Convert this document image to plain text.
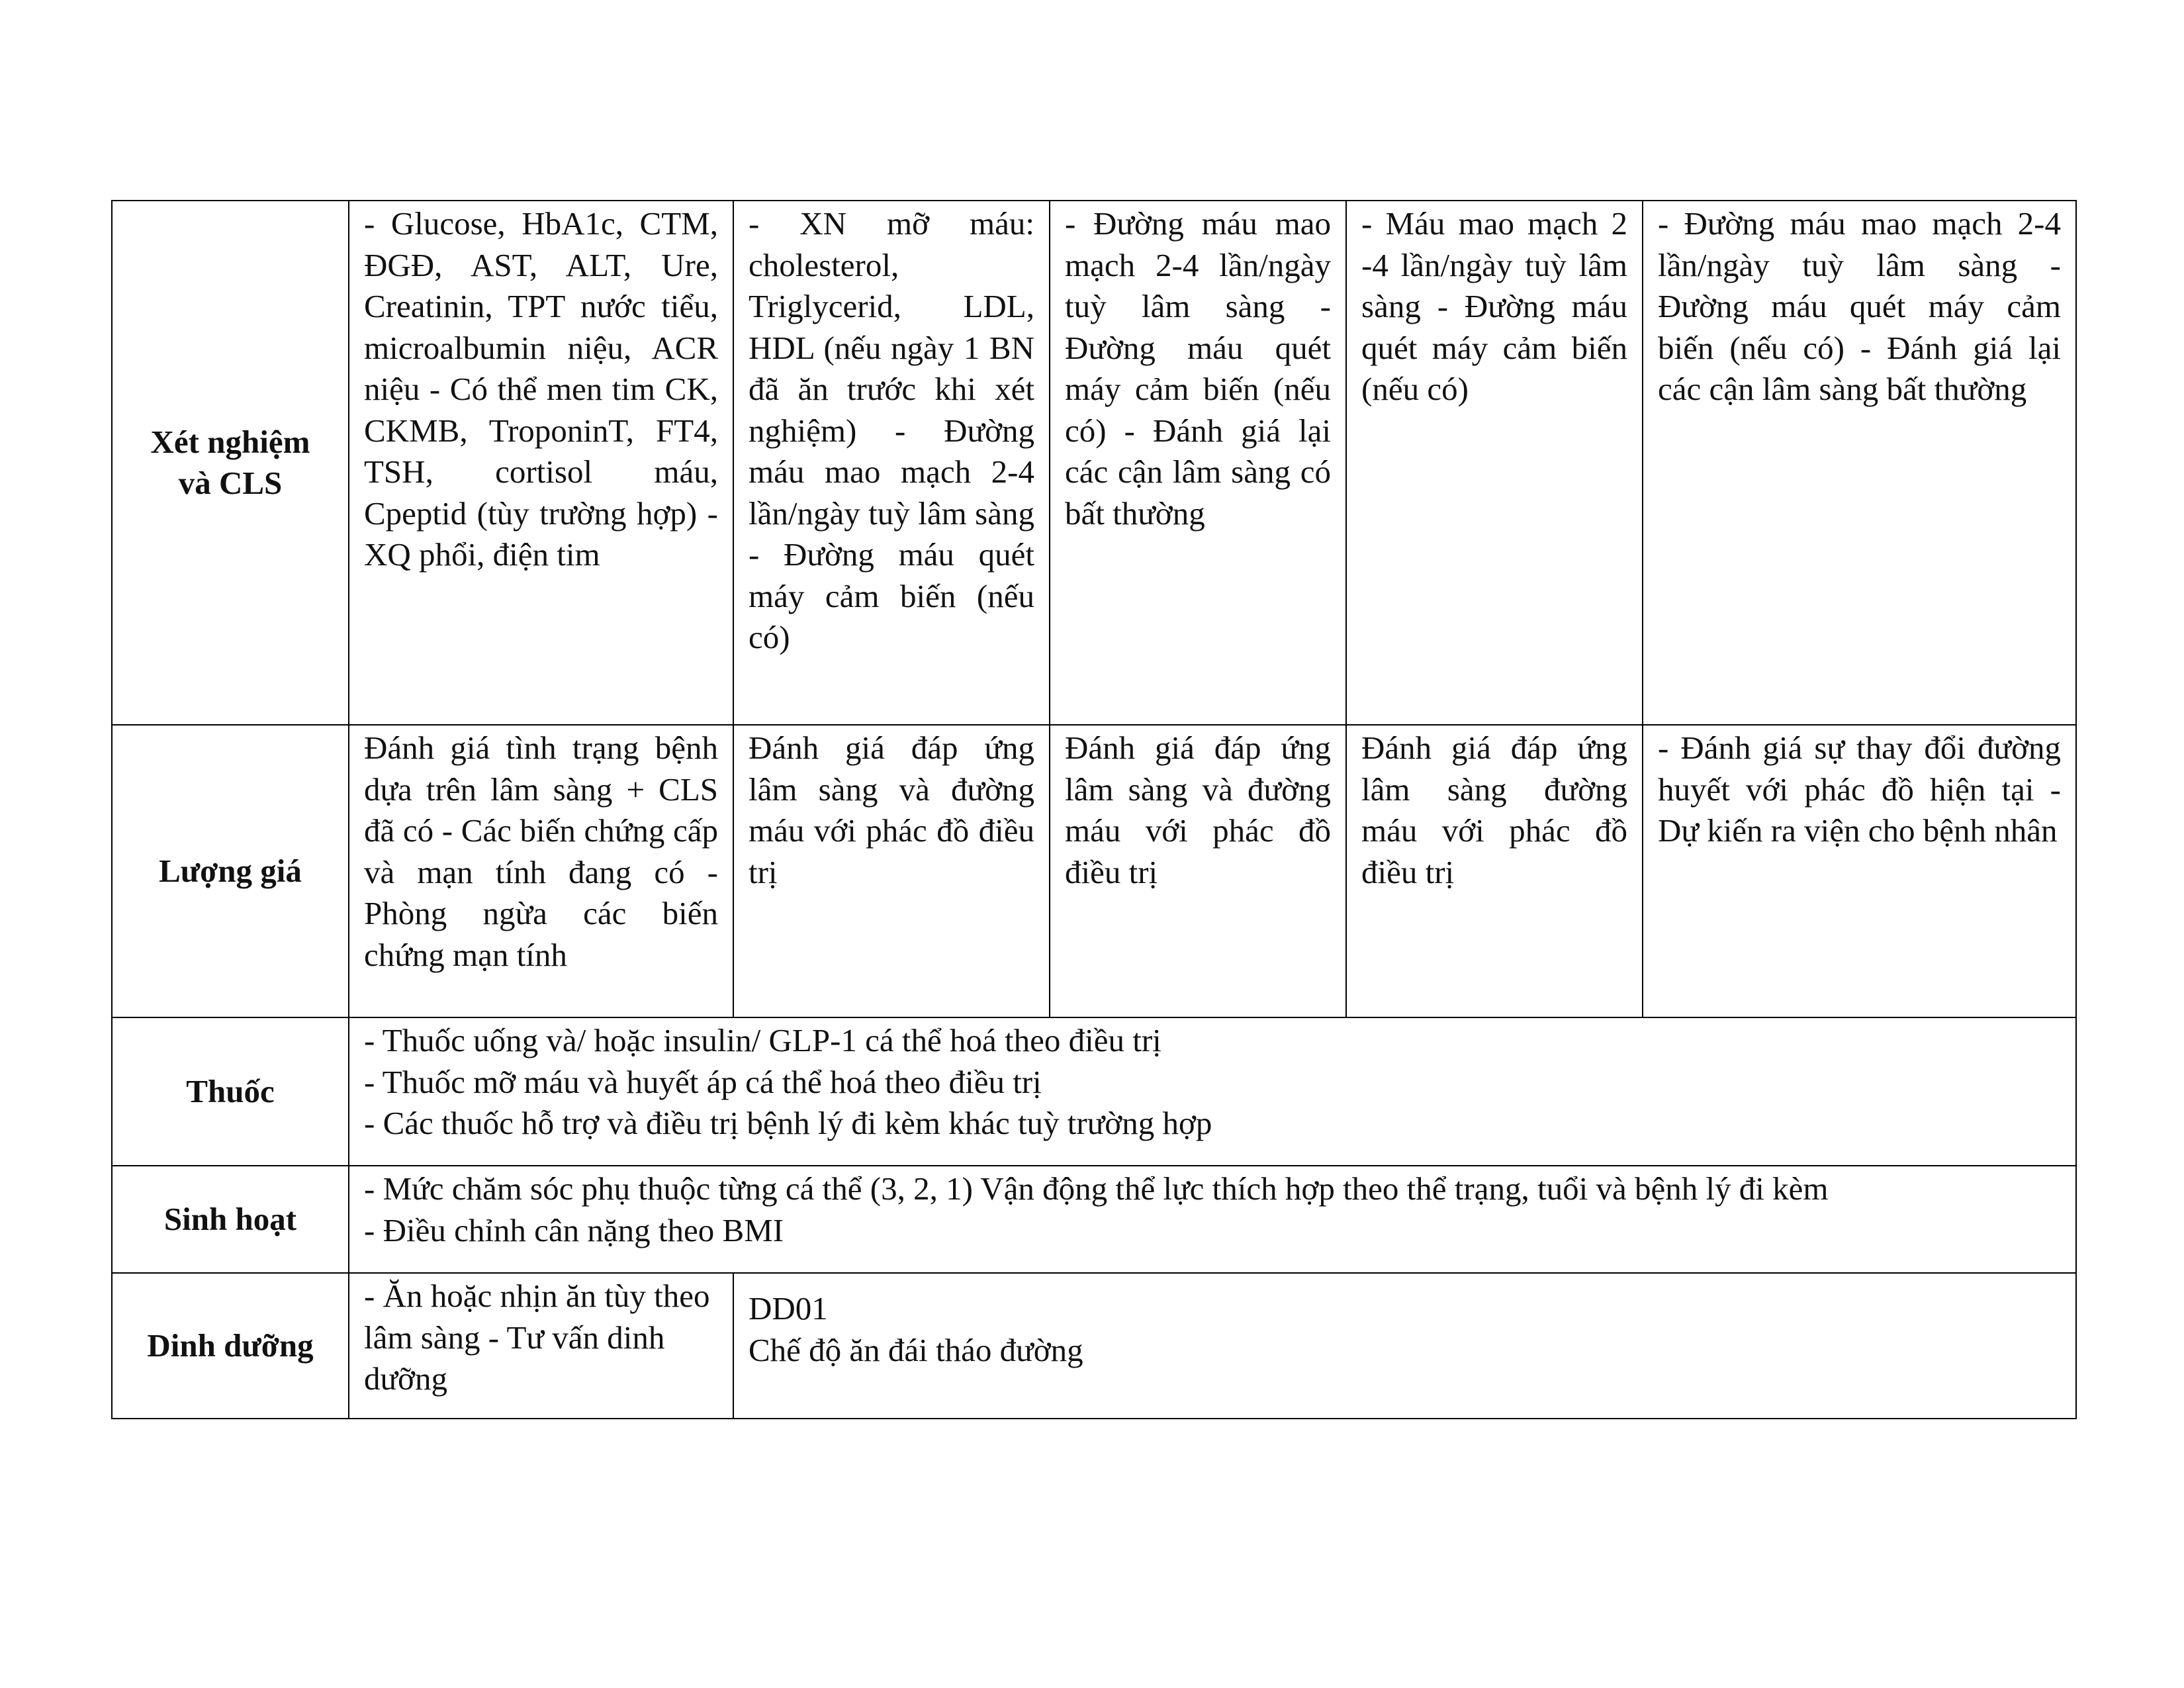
Xét nghiệm
và CLS	- Glucose, HbA1c, CTM, ĐGĐ, AST, ALT, Ure, Creatinin, TPT nước tiểu, microalbumin niệu, ACR niệu - Có thể men tim CK, CKMB, TroponinT, FT4, TSH, cortisol máu, Cpeptid (tùy trường hợp) - XQ phổi, điện tim	- XN mỡ máu: cholesterol, Triglycerid, LDL, HDL (nếu ngày 1 BN đã ăn trước khi xét nghiệm) - Đường máu mao mạch 2-4 lần/ngày tuỳ lâm sàng - Đường máu quét máy cảm biến (nếu có)	- Đường máu mao mạch 2-4 lần/ngày tuỳ lâm sàng - Đường máu quét máy cảm biến (nếu có) - Đánh giá lại các cận lâm sàng có bất thường	- Máu mao mạch 2 -4 lần/ngày tuỳ lâm sàng - Đường máu quét máy cảm biến (nếu có)	- Đường máu mao mạch 2-4 lần/ngày tuỳ lâm sàng - Đường máu quét máy cảm biến (nếu có) - Đánh giá lại các cận lâm sàng bất thường
Lượng giá	Đánh giá tình trạng bệnh dựa trên lâm sàng + CLS đã có - Các biến chứng cấp và mạn tính đang có - Phòng ngừa các biến chứng mạn tính	Đánh giá đáp ứng lâm sàng và đường máu với phác đồ điều trị	Đánh giá đáp ứng lâm sàng và đường máu với phác đồ điều trị	Đánh giá đáp ứng lâm sàng đường máu với phác đồ điều trị	- Đánh giá sự thay đổi đường huyết với phác đồ hiện tại - Dự kiến ra viện cho bệnh nhân
Thuốc	- Thuốc uống và/ hoặc insulin/ GLP-1 cá thể hoá theo điều trị
- Thuốc mỡ máu và huyết áp cá thể hoá theo điều trị
- Các thuốc hỗ trợ và điều trị bệnh lý đi kèm khác tuỳ trường hợp				

Sinh hoạt	- Mức chăm sóc phụ thuộc từng cá thể (3, 2, 1) Vận động thể lực thích hợp theo thể trạng, tuổi và bệnh lý đi kèm
- Điều chỉnh cân nặng theo BMI				

Dinh dưỡng	- Ăn hoặc nhịn ăn tùy theo lâm sàng - Tư vấn dinh dưỡng	DD01
Chế độ ăn đái tháo đường			
